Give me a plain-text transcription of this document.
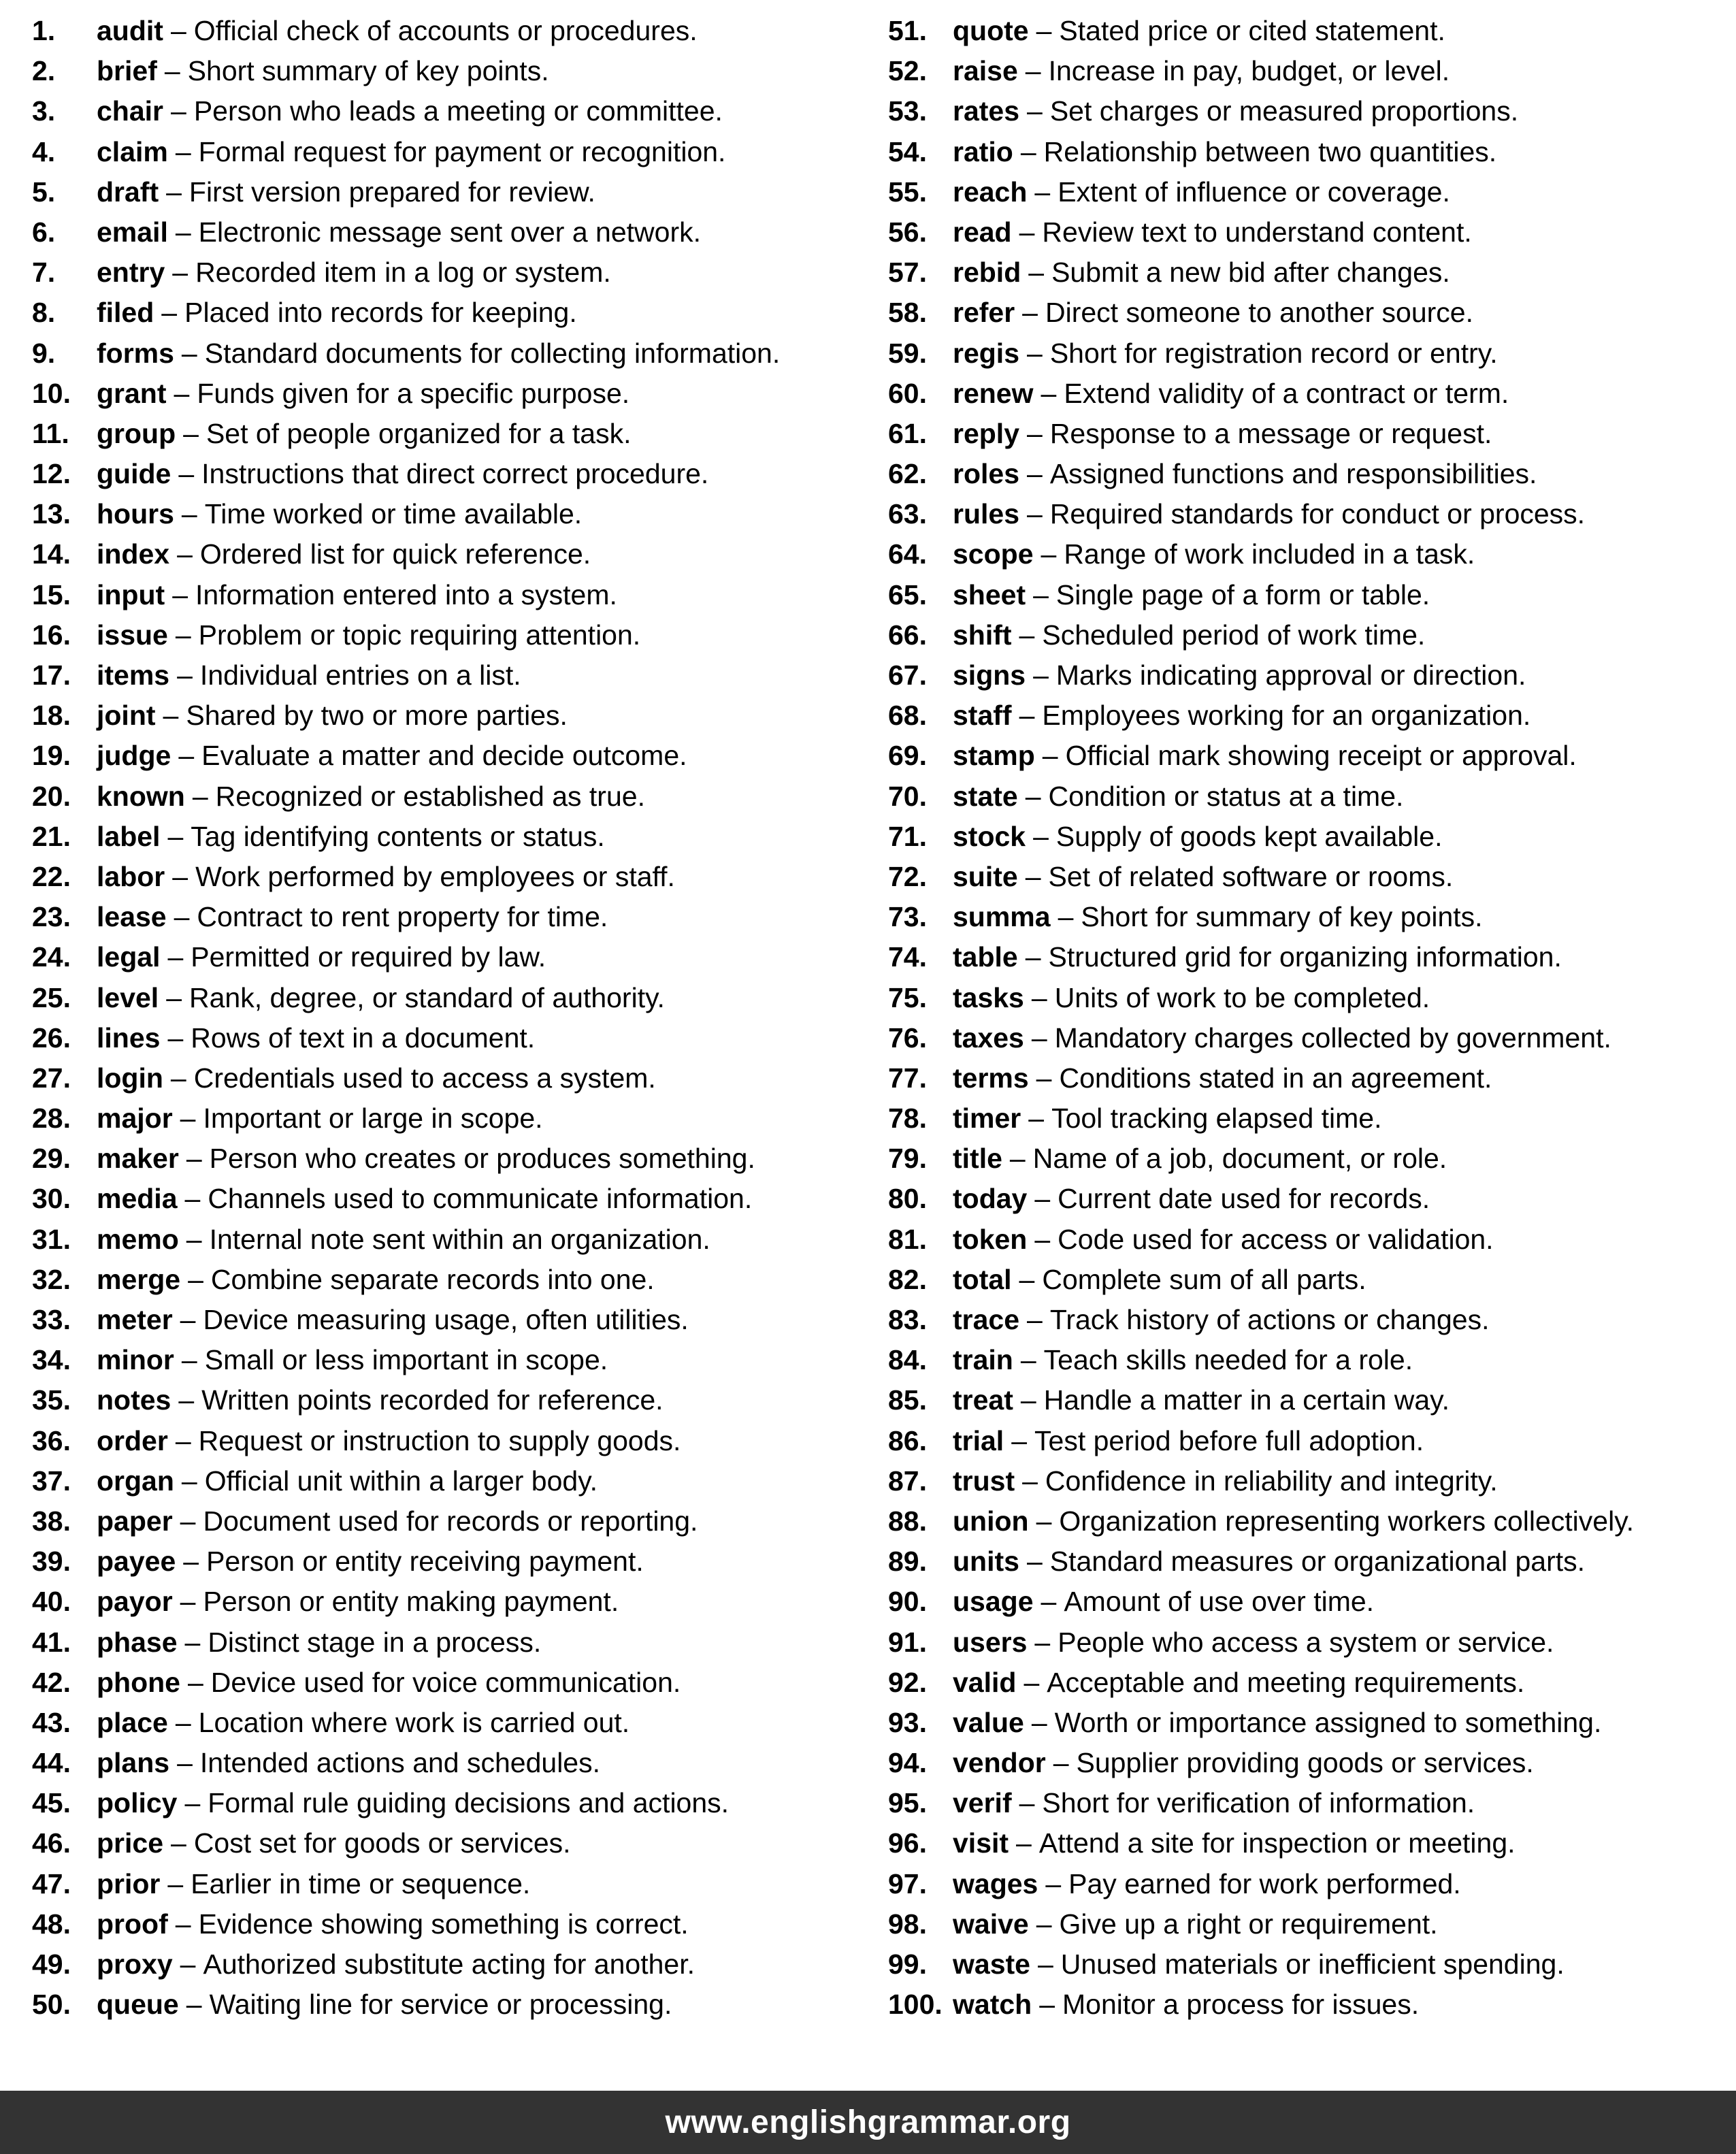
1. audit – Official check of accounts or procedures.
2. brief – Short summary of key points.
3. chair – Person who leads a meeting or committee.
4. claim – Formal request for payment or recognition.
5. draft – First version prepared for review.
6. email – Electronic message sent over a network.
7. entry – Recorded item in a log or system.
8. filed – Placed into records for keeping.
9. forms – Standard documents for collecting information.
10. grant – Funds given for a specific purpose.
11. group – Set of people organized for a task.
12. guide – Instructions that direct correct procedure.
13. hours – Time worked or time available.
14. index – Ordered list for quick reference.
15. input – Information entered into a system.
16. issue – Problem or topic requiring attention.
17. items – Individual entries on a list.
18. joint – Shared by two or more parties.
19. judge – Evaluate a matter and decide outcome.
20. known – Recognized or established as true.
21. label – Tag identifying contents or status.
22. labor – Work performed by employees or staff.
23. lease – Contract to rent property for time.
24. legal – Permitted or required by law.
25. level – Rank, degree, or standard of authority.
26. lines – Rows of text in a document.
27. login – Credentials used to access a system.
28. major – Important or large in scope.
29. maker – Person who creates or produces something.
30. media – Channels used to communicate information.
31. memo – Internal note sent within an organization.
32. merge – Combine separate records into one.
33. meter – Device measuring usage, often utilities.
34. minor – Small or less important in scope.
35. notes – Written points recorded for reference.
36. order – Request or instruction to supply goods.
37. organ – Official unit within a larger body.
38. paper – Document used for records or reporting.
39. payee – Person or entity receiving payment.
40. payor – Person or entity making payment.
41. phase – Distinct stage in a process.
42. phone – Device used for voice communication.
43. place – Location where work is carried out.
44. plans – Intended actions and schedules.
45. policy – Formal rule guiding decisions and actions.
46. price – Cost set for goods or services.
47. prior – Earlier in time or sequence.
48. proof – Evidence showing something is correct.
49. proxy – Authorized substitute acting for another.
50. queue – Waiting line for service or processing.
51. quote – Stated price or cited statement.
52. raise – Increase in pay, budget, or level.
53. rates – Set charges or measured proportions.
54. ratio – Relationship between two quantities.
55. reach – Extent of influence or coverage.
56. read – Review text to understand content.
57. rebid – Submit a new bid after changes.
58. refer – Direct someone to another source.
59. regis – Short for registration record or entry.
60. renew – Extend validity of a contract or term.
61. reply – Response to a message or request.
62. roles – Assigned functions and responsibilities.
63. rules – Required standards for conduct or process.
64. scope – Range of work included in a task.
65. sheet – Single page of a form or table.
66. shift – Scheduled period of work time.
67. signs – Marks indicating approval or direction.
68. staff – Employees working for an organization.
69. stamp – Official mark showing receipt or approval.
70. state – Condition or status at a time.
71. stock – Supply of goods kept available.
72. suite – Set of related software or rooms.
73. summa – Short for summary of key points.
74. table – Structured grid for organizing information.
75. tasks – Units of work to be completed.
76. taxes – Mandatory charges collected by government.
77. terms – Conditions stated in an agreement.
78. timer – Tool tracking elapsed time.
79. title – Name of a job, document, or role.
80. today – Current date used for records.
81. token – Code used for access or validation.
82. total – Complete sum of all parts.
83. trace – Track history of actions or changes.
84. train – Teach skills needed for a role.
85. treat – Handle a matter in a certain way.
86. trial – Test period before full adoption.
87. trust – Confidence in reliability and integrity.
88. union – Organization representing workers collectively.
89. units – Standard measures or organizational parts.
90. usage – Amount of use over time.
91. users – People who access a system or service.
92. valid – Acceptable and meeting requirements.
93. value – Worth or importance assigned to something.
94. vendor – Supplier providing goods or services.
95. verif – Short for verification of information.
96. visit – Attend a site for inspection or meeting.
97. wages – Pay earned for work performed.
98. waive – Give up a right or requirement.
99. waste – Unused materials or inefficient spending.
100. watch – Monitor a process for issues.
www.englishgrammar.org
